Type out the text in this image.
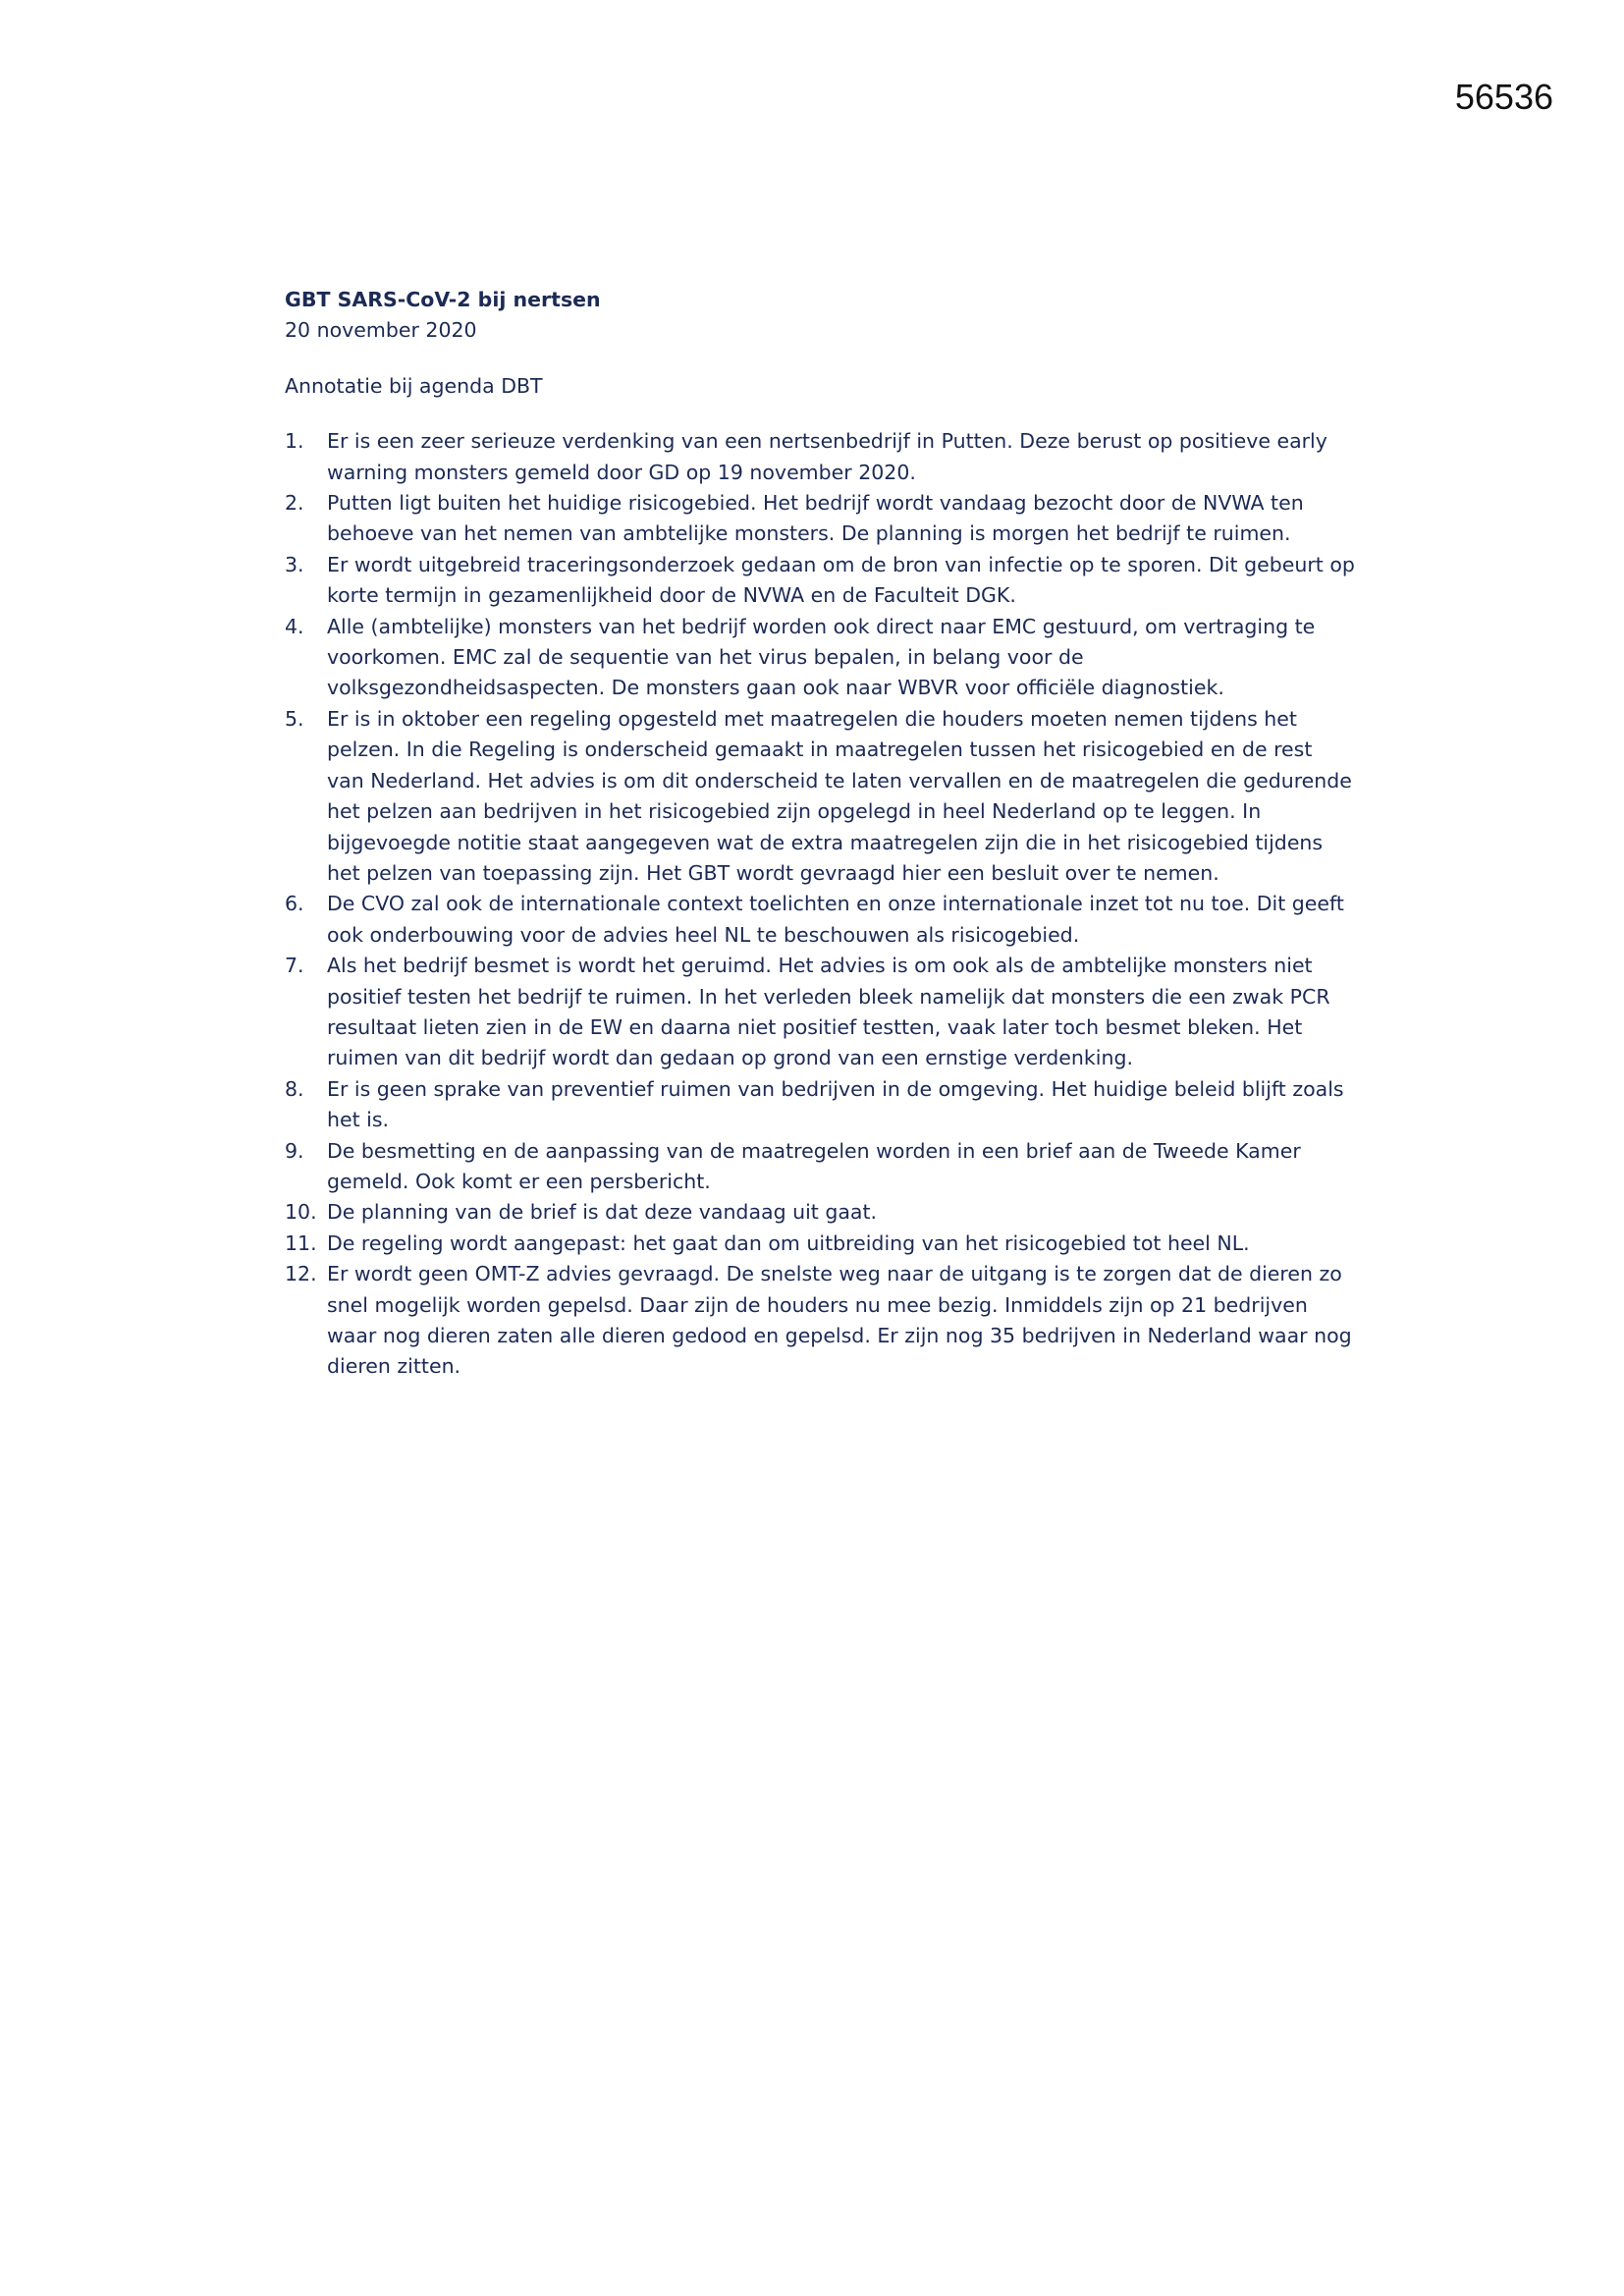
56536

GBT SARS-CoV-2 bij nertsen

20 november 2020

Annotatie bij agenda DBT

1. Er is een zeer serieuze verdenking van een nertsenbedrijf in Putten. Deze berust op positieve early warning monsters gemeld door GD op 19 november 2020.
2. Putten ligt buiten het huidige risicogebied. Het bedrijf wordt vandaag bezocht door de NVWA ten behoeve van het nemen van ambtelijke monsters. De planning is morgen het bedrijf te ruimen.
3. Er wordt uitgebreid traceringsonderzoek gedaan om de bron van infectie op te sporen. Dit gebeurt op korte termijn in gezamenlijkheid door de NVWA en de Faculteit DGK.
4. Alle (ambtelijke) monsters van het bedrijf worden ook direct naar EMC gestuurd, om vertraging te voorkomen. EMC zal de sequentie van het virus bepalen, in belang voor de volksgezondheidsaspecten. De monsters gaan ook naar WBVR voor officiële diagnostiek.
5. Er is in oktober een regeling opgesteld met maatregelen die houders moeten nemen tijdens het pelzen. In die Regeling is onderscheid gemaakt in maatregelen tussen het risicogebied en de rest van Nederland. Het advies is om dit onderscheid te laten vervallen en de maatregelen die gedurende het pelzen aan bedrijven in het risicogebied zijn opgelegd in heel Nederland op te leggen. In bijgevoegde notitie staat aangegeven wat de extra maatregelen zijn die in het risicogebied tijdens het pelzen van toepassing zijn. Het GBT wordt gevraagd hier een besluit over te nemen.
6. De CVO zal ook de internationale context toelichten en onze internationale inzet tot nu toe. Dit geeft ook onderbouwing voor de advies heel NL te beschouwen als risicogebied.
7. Als het bedrijf besmet is wordt het geruimd. Het advies is om ook als de ambtelijke monsters niet positief testen het bedrijf te ruimen. In het verleden bleek namelijk dat monsters die een zwak PCR resultaat lieten zien in de EW en daarna niet positief testten, vaak later toch besmet bleken. Het ruimen van dit bedrijf wordt dan gedaan op grond van een ernstige verdenking.
8. Er is geen sprake van preventief ruimen van bedrijven in de omgeving. Het huidige beleid blijft zoals het is.
9. De besmetting en de aanpassing van de maatregelen worden in een brief aan de Tweede Kamer gemeld. Ook komt er een persbericht.
10. De planning van de brief is dat deze vandaag uit gaat.
11. De regeling wordt aangepast: het gaat dan om uitbreiding van het risicogebied tot heel NL.
12. Er wordt geen OMT-Z advies gevraagd. De snelste weg naar de uitgang is te zorgen dat de dieren zo snel mogelijk worden gepelsd. Daar zijn de houders nu mee bezig. Inmiddels zijn op 21 bedrijven waar nog dieren zaten alle dieren gedood en gepelsd. Er zijn nog 35 bedrijven in Nederland waar nog dieren zitten.
